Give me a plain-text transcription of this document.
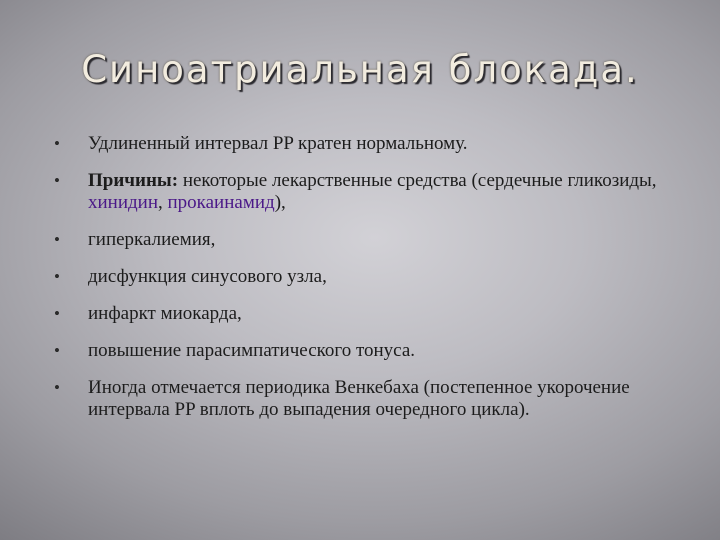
Синоатриальная блокада.
• Удлиненный интервал PP кратен нормальному.
• Причины: некоторые лекарственные средства (сердечные гликозиды, хинидин, прокаинамид),
• гиперкалиемия,
• дисфункция синусового узла,
• инфаркт миокарда,
• повышение парасимпатического тонуса.
• Иногда отмечается периодика Венкебаха (постепенное укорочение интервала PP вплоть до выпадения очередного цикла).
